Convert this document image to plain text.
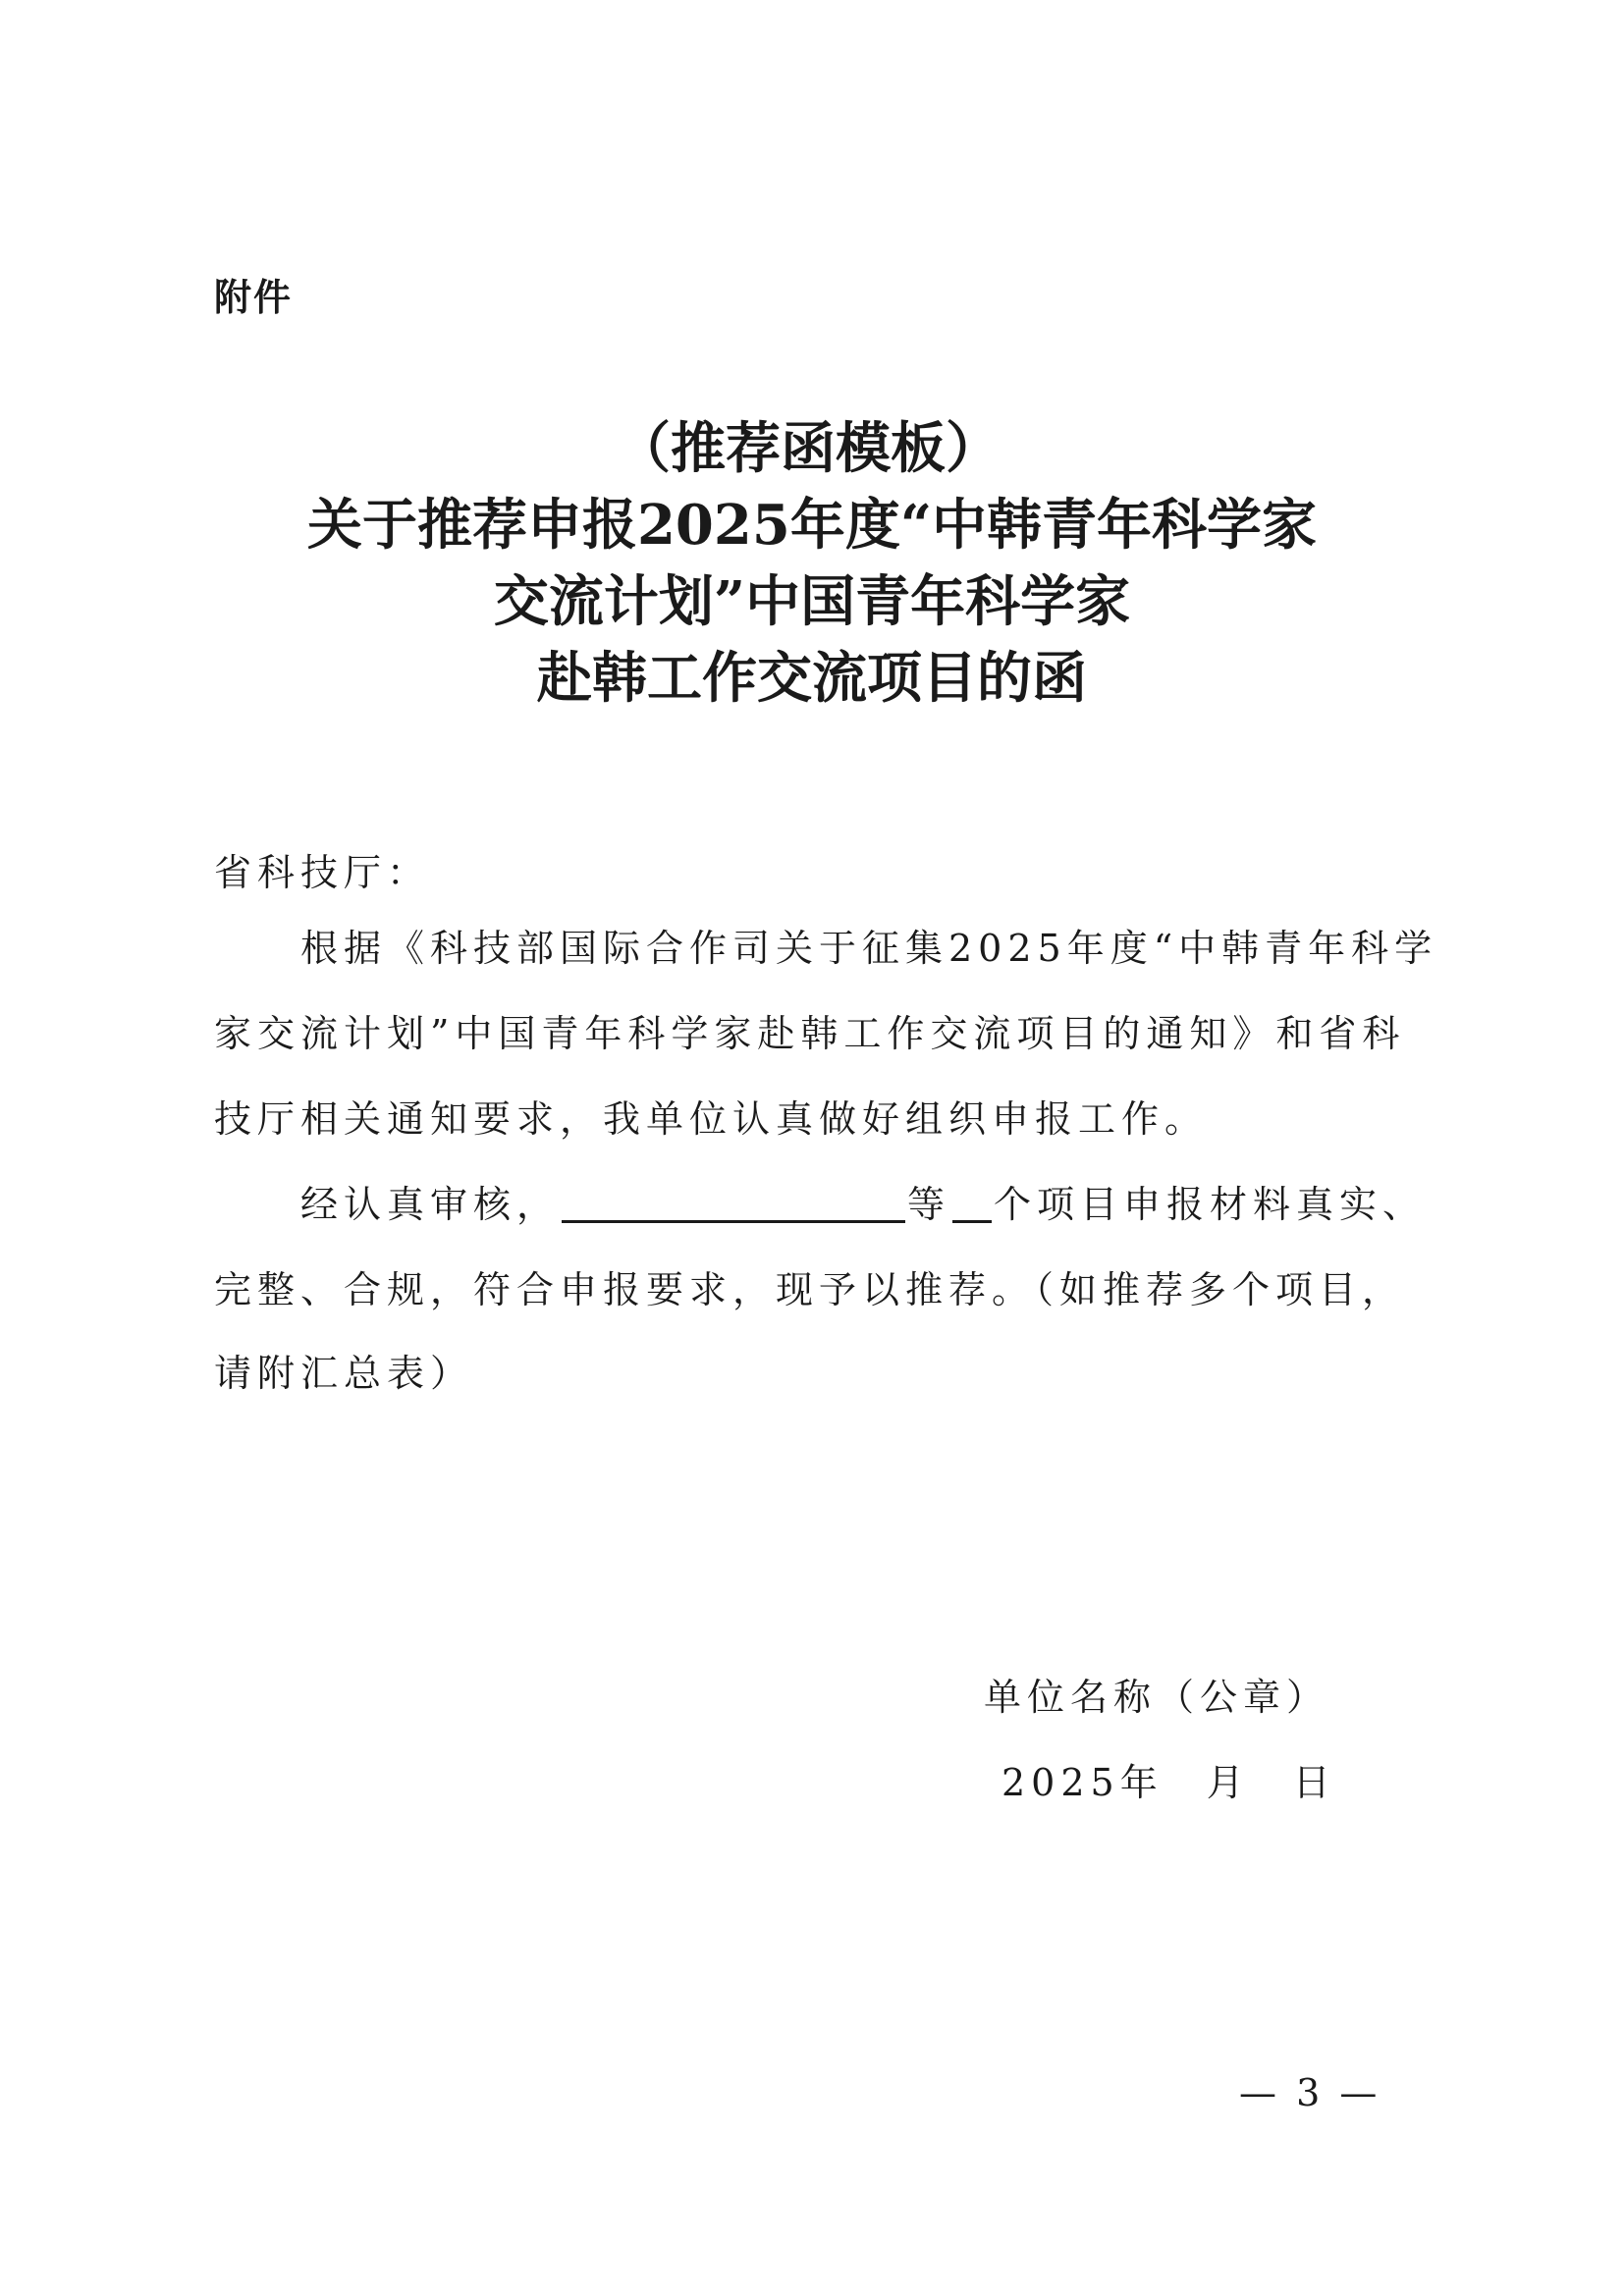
附件
（推荐函模板）
关于推荐申报2025年度“中韩青年科学家
交流计划”中国青年科学家
赴韩工作交流项目的函
省科技厅：
根据《科技部国际合作司关于征集2025年度“中韩青年科学
家交流计划”中国青年科学家赴韩工作交流项目的通知》和省科
技厅相关通知要求，我单位认真做好组织申报工作。
经认真审核，	等 个项目申报材料真实、
完整、合规，符合申报要求，现予以推荐。（如推荐多个项目，
请附汇总表）
单位名称（公章）
2025年　月　日
— 3 —
